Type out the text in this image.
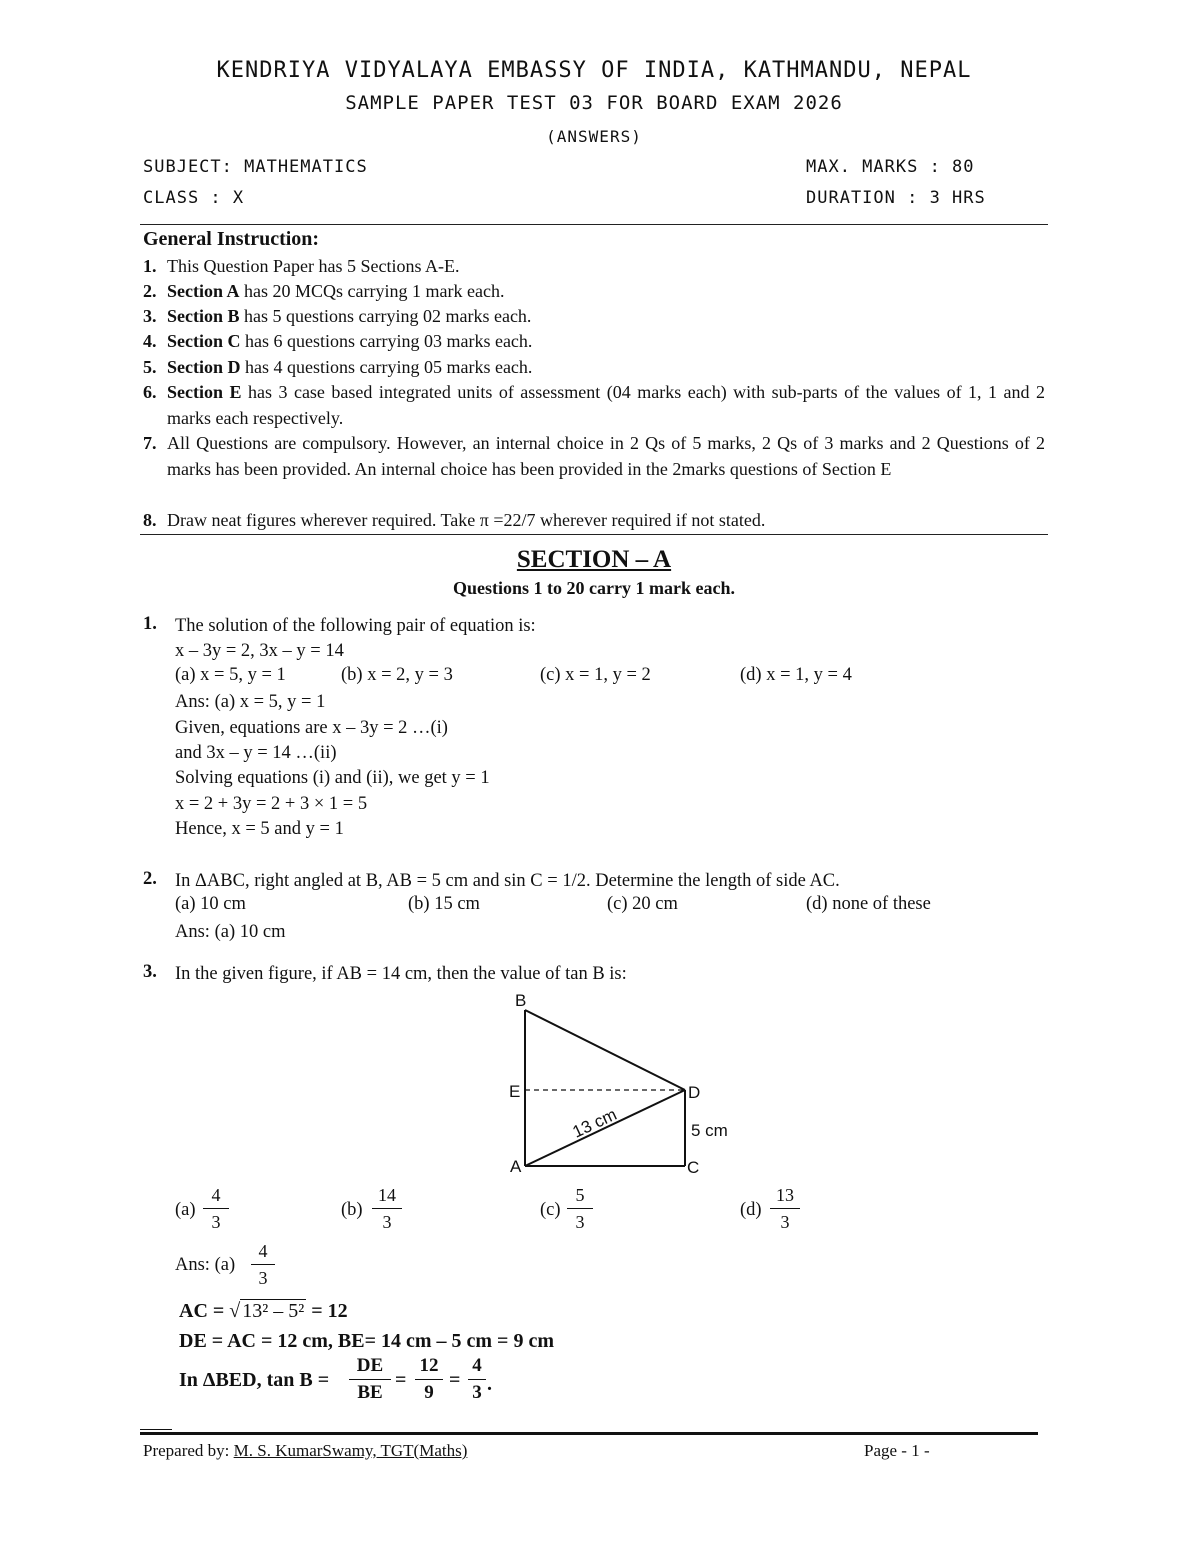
KENDRIYA VIDYALAYA EMBASSY OF INDIA, KATHMANDU, NEPAL
SAMPLE PAPER TEST 03 FOR BOARD EXAM 2026
(ANSWERS)
SUBJECT: MATHEMATICS	MAX. MARKS : 80
CLASS : X	DURATION : 3 HRS
General Instruction:
1. This Question Paper has 5 Sections A-E.
2. Section A has 20 MCQs carrying 1 mark each.
3. Section B has 5 questions carrying 02 marks each.
4. Section C has 6 questions carrying 03 marks each.
5. Section D has 4 questions carrying 05 marks each.
6. Section E has 3 case based integrated units of assessment (04 marks each) with sub-parts of the values of 1, 1 and 2 marks each respectively.
7. All Questions are compulsory. However, an internal choice in 2 Qs of 5 marks, 2 Qs of 3 marks and 2 Questions of 2 marks has been provided. An internal choice has been provided in the 2marks questions of Section E
8. Draw neat figures wherever required. Take π =22/7 wherever required if not stated.
SECTION – A
Questions 1 to 20 carry 1 mark each.
1. The solution of the following pair of equation is:
x – 3y = 2, 3x – y = 14
(a) x = 5, y = 1	(b) x = 2, y = 3	(c) x = 1, y = 2	(d) x = 1, y = 4
Ans: (a) x = 5, y = 1
Given, equations are x – 3y = 2 …(i)
and 3x – y = 14 …(ii)
Solving equations (i) and (ii), we get y = 1
x = 2 + 3y = 2 + 3 × 1 = 5
Hence, x = 5 and y = 1
2. In ΔABC, right angled at B, AB = 5 cm and sin C = 1/2. Determine the length of side AC.
(a) 10 cm	(b) 15 cm	(c) 20 cm	(d) none of these
Ans: (a) 10 cm
3. In the given figure, if AB = 14 cm, then the value of tan B is:
B
E	D
A	C
5 cm
13 cm
(a)
4
3
(b)
14
3
(c)
5
3
(d)
13
3
Ans: (a)
4
3
AC = √ 13² – 5² = 12
DE = AC = 12 cm, BE= 14 cm – 5 cm = 9 cm
In ΔBED, tan B =
DE
BE
=
12
9
=
4
3 .
Prepared by: M. S. KumarSwamy, TGT(Maths)	Page - 1 -
